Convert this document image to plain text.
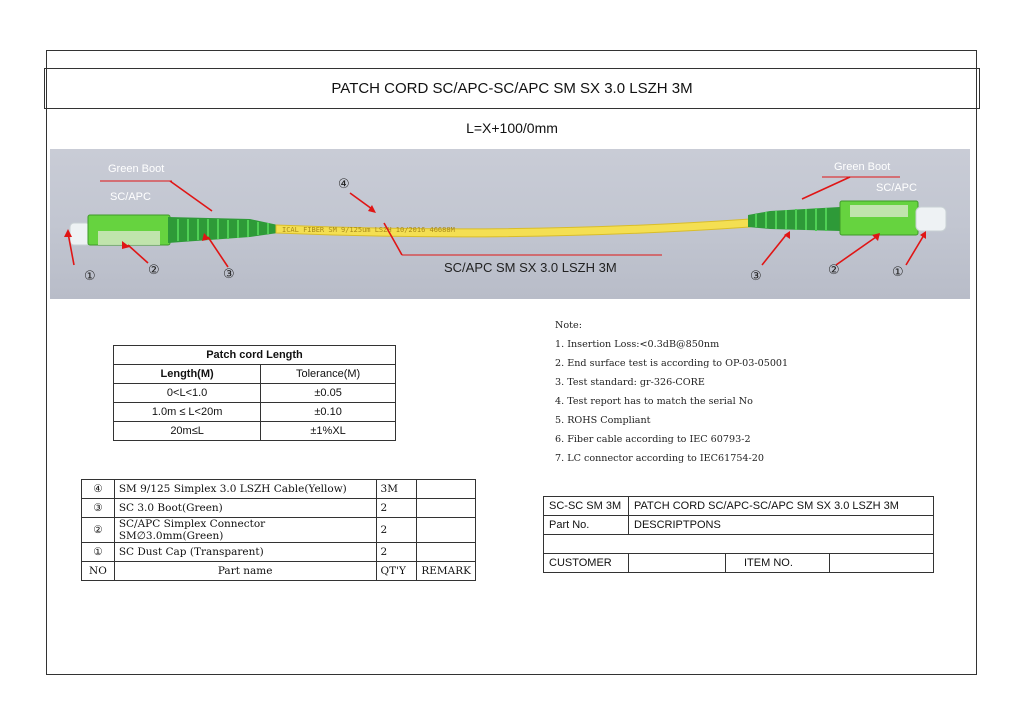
PATCH CORD SC/APC-SC/APC SM SX 3.0 LSZH 3M
L=X+100/0mm
ICAL FIBER SM 9/125um LSZH 10/2016 46688M
Green Boot
SC/APC
Green Boot
SC/APC
SC/APC SM SX 3.0 LSZH 3M
①	②	③
④
③	②	①
Patch cord Length	
Length(M)	Tolerance(M)
0<L<1.0	±0.05
1.0m ≤ L<20m	±0.10
20m≤L	±1%XL
④	SM 9/125 Simplex 3.0 LSZH Cable(Yellow)	3M	
③	SC 3.0 Boot(Green)	2	
②	SC/APC Simplex Connector SM∅3.0mm(Green)	2	
①	SC Dust Cap (Transparent)	2	
NO	Part name	QT'Y	REMARK
Note:
1. Insertion Loss:<0.3dB@850nm
2. End surface test is according to OP-03-05001
3. Test standard: gr-326-CORE
4. Test report has to match the serial No
5. ROHS Compliant
6. Fiber cable according to IEC 60793-2
7. LC connector according to IEC61754-20
SC-SC SM 3M	PATCH CORD SC/APC-SC/APC SM SX 3.0 LSZH 3M		
Part No.	DESCRIPTPONS		

CUSTOMER		ITEM NO.	
